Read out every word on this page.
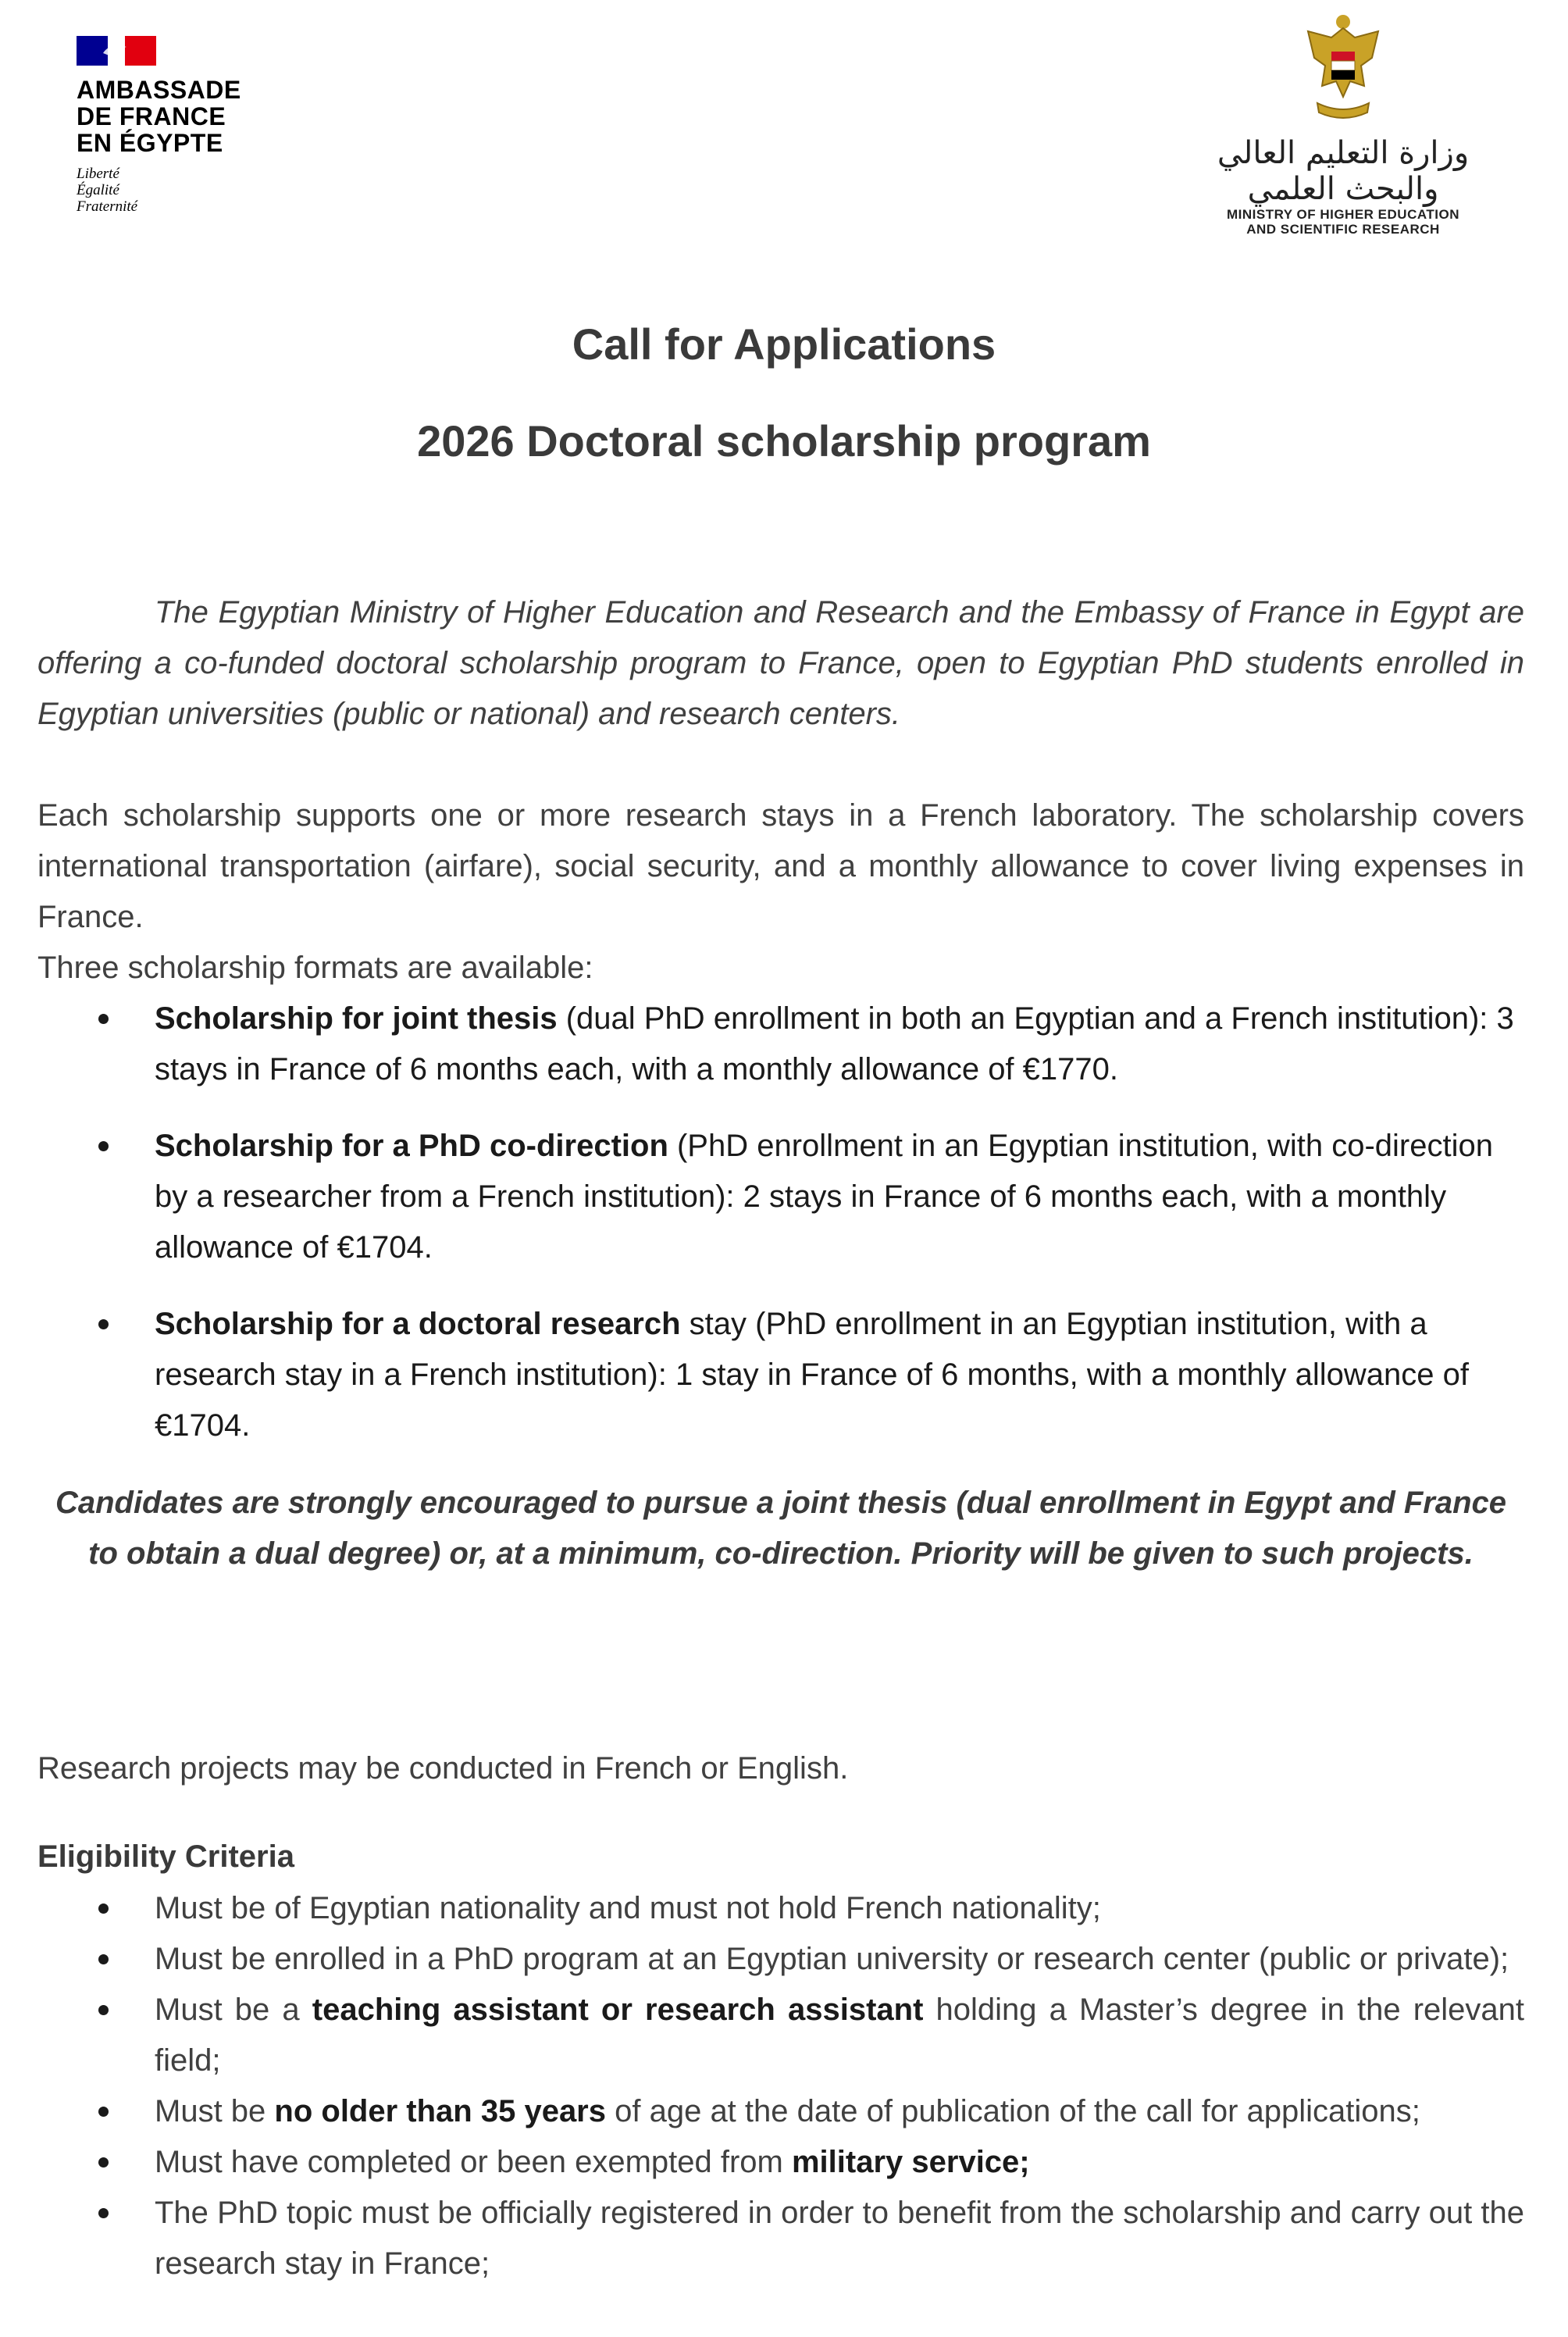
AMBASSADE
DE FRANCE
EN ÉGYPTE
Liberté
Égalité
Fraternité
وزارة التعليم العالي والبحث العلمي
MINISTRY OF HIGHER EDUCATION
AND SCIENTIFIC RESEARCH
Call for Applications
2026 Doctoral scholarship program
The Egyptian Ministry of Higher Education and Research and the Embassy of France in Egypt are offering a co-funded doctoral scholarship program to France, open to Egyptian PhD students enrolled in Egyptian universities (public or national) and research centers.
Each scholarship supports one or more research stays in a French laboratory. The scholarship covers international transportation (airfare), social security, and a monthly allowance to cover living expenses in France.
Three scholarship formats are available:
Scholarship for joint thesis (dual PhD enrollment in both an Egyptian and a French institution): 3 stays in France of 6 months each, with a monthly allowance of €1770.
Scholarship for a PhD co-direction (PhD enrollment in an Egyptian institution, with co-direction by a researcher from a French institution): 2 stays in France of 6 months each, with a monthly allowance of €1704.
Scholarship for a doctoral research stay (PhD enrollment in an Egyptian institution, with a research stay in a French institution): 1 stay in France of 6 months, with a monthly allowance of €1704.
Candidates are strongly encouraged to pursue a joint thesis (dual enrollment in Egypt and France to obtain a dual degree) or, at a minimum, co-direction. Priority will be given to such projects.
Research projects may be conducted in French or English.
Eligibility Criteria
Must be of Egyptian nationality and must not hold French nationality;
Must be enrolled in a PhD program at an Egyptian university or research center (public or private);
Must be a teaching assistant or research assistant holding a Master’s degree in the relevant field;
Must be no older than 35 years of age at the date of publication of the call for applications;
Must have completed or been exempted from military service;
The PhD topic must be officially registered in order to benefit from the scholarship and carry out the research stay in France;
